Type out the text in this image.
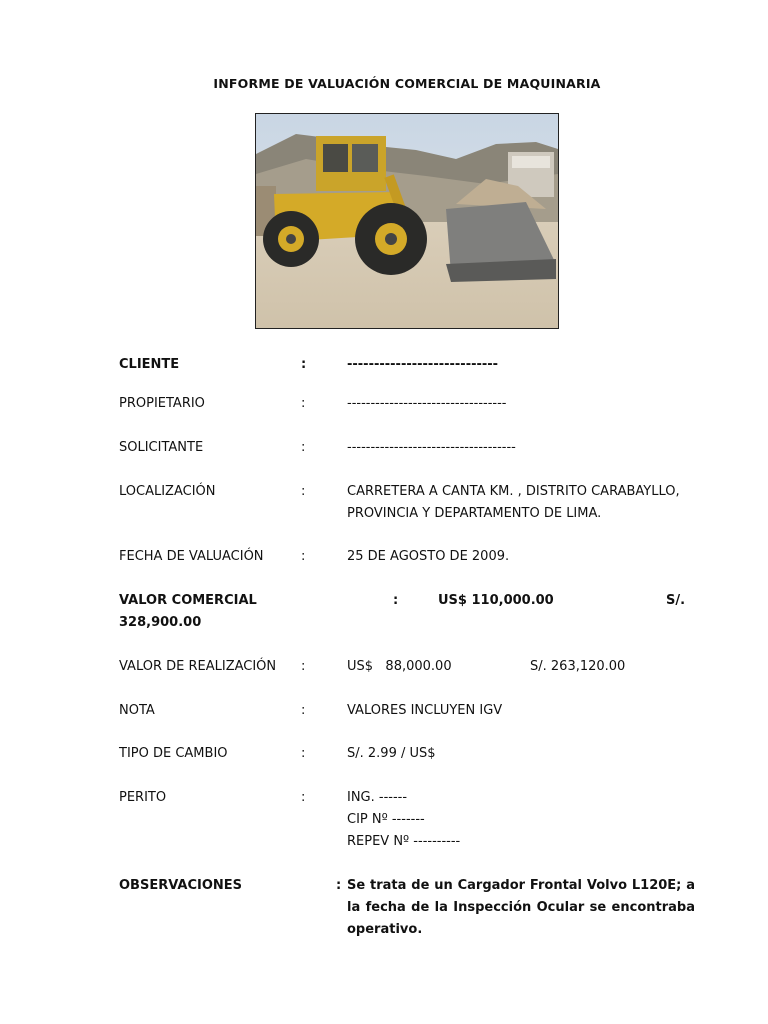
INFORME DE VALUACIÓN COMERCIAL DE MAQUINARIA
CLIENTE	:	----------------------------
PROPIETARIO	:	----------------------------------
SOLICITANTE	:	------------------------------------
LOCALIZACIÓN	:	CARRETERA A CANTA KM. , DISTRITO CARABAYLLO,
PROVINCIA Y DEPARTAMENTO DE LIMA.
FECHA DE VALUACIÓN	:	25 DE AGOSTO DE 2009.
VALOR COMERCIAL	:	US$ 110,000.00	S/.
328,900.00
VALOR DE REALIZACIÓN :	US$   88,000.00	S/. 263,120.00
NOTA	:	VALORES INCLUYEN IGV
TIPO DE CAMBIO	:	S/. 2.99 / US$
PERITO	:	ING. ------
CIP Nº -------
REPEV Nº ----------
OBSERVACIONES	: Se trata de un Cargador Frontal Volvo L120E; a la fecha de la Inspección Ocular se encontraba operativo.
